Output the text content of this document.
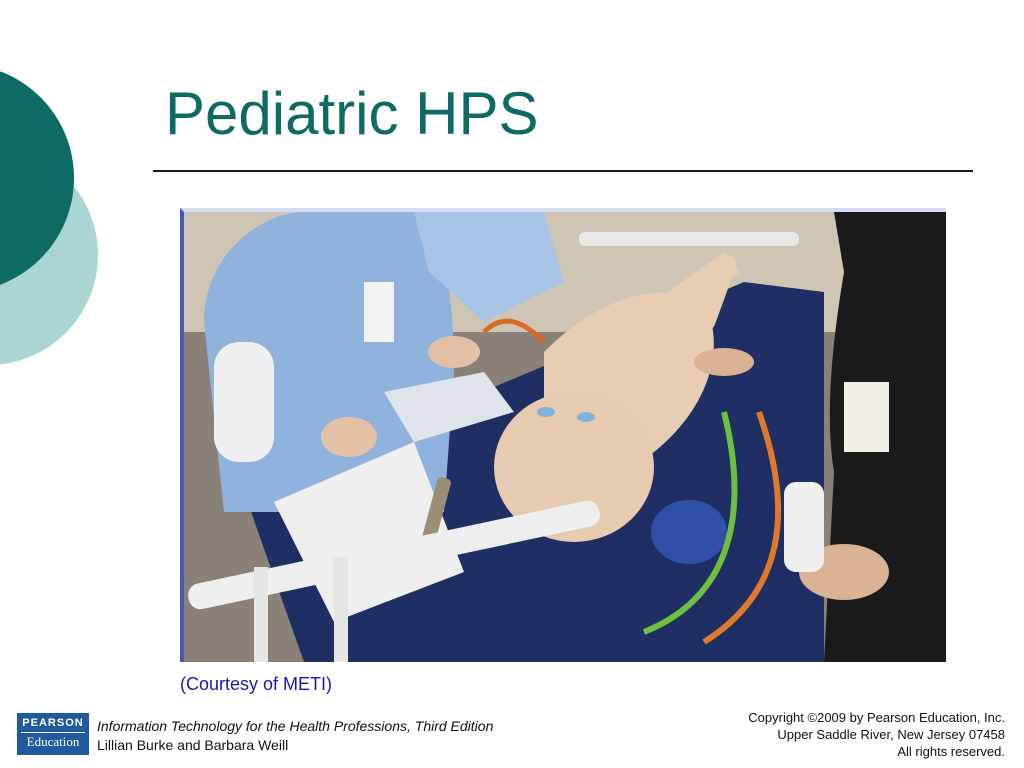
Pediatric HPS
(Courtesy of METI)
PEARSON
Education
Information Technology for the Health Professions, Third Edition
Lillian Burke and Barbara Weill
Copyright ©2009 by Pearson Education, Inc.
Upper Saddle River, New Jersey 07458
All rights reserved.
